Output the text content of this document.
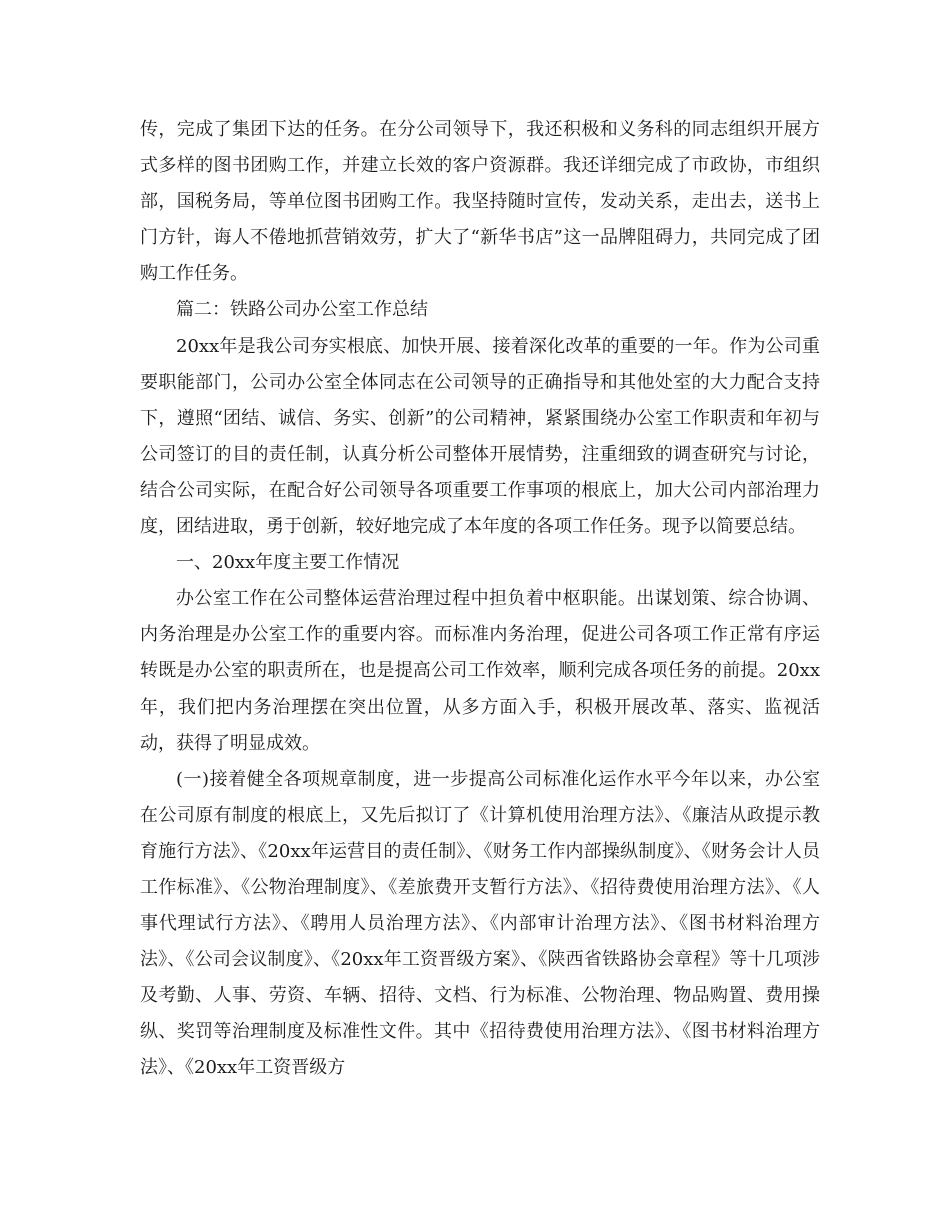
传，完成了集团下达的任务。在分公司领导下，我还积极和义务科的同志组织开展方式多样的图书团购工作，并建立长效的客户资源群。我还详细完成了市政协，市组织部，国税务局，等单位图书团购工作。我坚持随时宣传，发动关系，走出去，送书上门方针，诲人不倦地抓营销效劳，扩大了“新华书店”这一品牌阻碍力，共同完成了团购工作任务。

篇二：铁路公司办公室工作总结

20xx年是我公司夯实根底、加快开展、接着深化改革的重要的一年。作为公司重要职能部门，公司办公室全体同志在公司领导的正确指导和其他处室的大力配合支持下，遵照“团结、诚信、务实、创新”的公司精神，紧紧围绕办公室工作职责和年初与公司签订的目的责任制，认真分析公司整体开展情势，注重细致的调查研究与讨论，结合公司实际，在配合好公司领导各项重要工作事项的根底上，加大公司内部治理力度，团结进取，勇于创新，较好地完成了本年度的各项工作任务。现予以简要总结。

一、20xx年度主要工作情况

办公室工作在公司整体运营治理过程中担负着中枢职能。出谋划策、综合协调、内务治理是办公室工作的重要内容。而标准内务治理，促进公司各项工作正常有序运转既是办公室的职责所在，也是提高公司工作效率，顺利完成各项任务的前提。20xx年，我们把内务治理摆在突出位置，从多方面入手，积极开展改革、落实、监视活动，获得了明显成效。

(一)接着健全各项规章制度，进一步提高公司标准化运作水平今年以来，办公室在公司原有制度的根底上，又先后拟订了《计算机使用治理方法》、《廉洁从政提示教育施行方法》、《20xx年运营目的责任制》、《财务工作内部操纵制度》、《财务会计人员工作标准》、《公物治理制度》、《差旅费开支暂行方法》、《招待费使用治理方法》、《人事代理试行方法》、《聘用人员治理方法》、《内部审计治理方法》、《图书材料治理方法》、《公司会议制度》、《20xx年工资晋级方案》、《陕西省铁路协会章程》等十几项涉及考勤、人事、劳资、车辆、招待、文档、行为标准、公物治理、物品购置、费用操纵、奖罚等治理制度及标准性文件。其中《招待费使用治理方法》、《图书材料治理方法》、《20xx年工资晋级方
